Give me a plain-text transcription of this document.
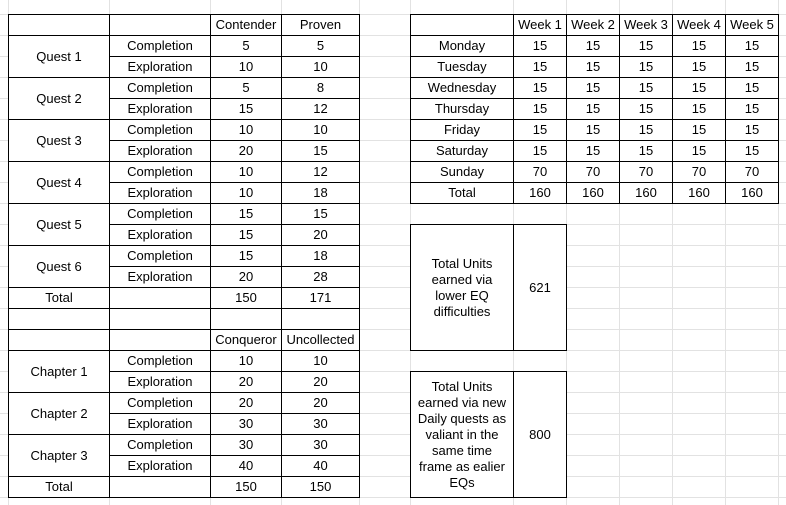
		Contender	Proven
Quest 1	Completion	5	5
	Exploration	10	10
Quest 2	Completion	5	8
	Exploration	15	12
Quest 3	Completion	10	10
	Exploration	20	15
Quest 4	Completion	10	12
	Exploration	10	18
Quest 5	Completion	15	15
	Exploration	15	20
Quest 6	Completion	15	18
	Exploration	20	28
Total		150	171

		Conqueror	Uncollected
Chapter 1	Completion	10	10
	Exploration	20	20
Chapter 2	Completion	20	20
	Exploration	30	30
Chapter 3	Completion	30	30
	Exploration	40	40
Total		150	150
	Week 1	Week 2	Week 3	Week 4	Week 5
Monday	15	15	15	15	15
Tuesday	15	15	15	15	15
Wednesday	15	15	15	15	15
Thursday	15	15	15	15	15
Friday	15	15	15	15	15
Saturday	15	15	15	15	15
Sunday	70	70	70	70	70
Total	160	160	160	160	160
Total Units earned via lower EQ difficulties	621
Total Units earned via new Daily quests as valiant in the same time frame as ealier EQs	800
